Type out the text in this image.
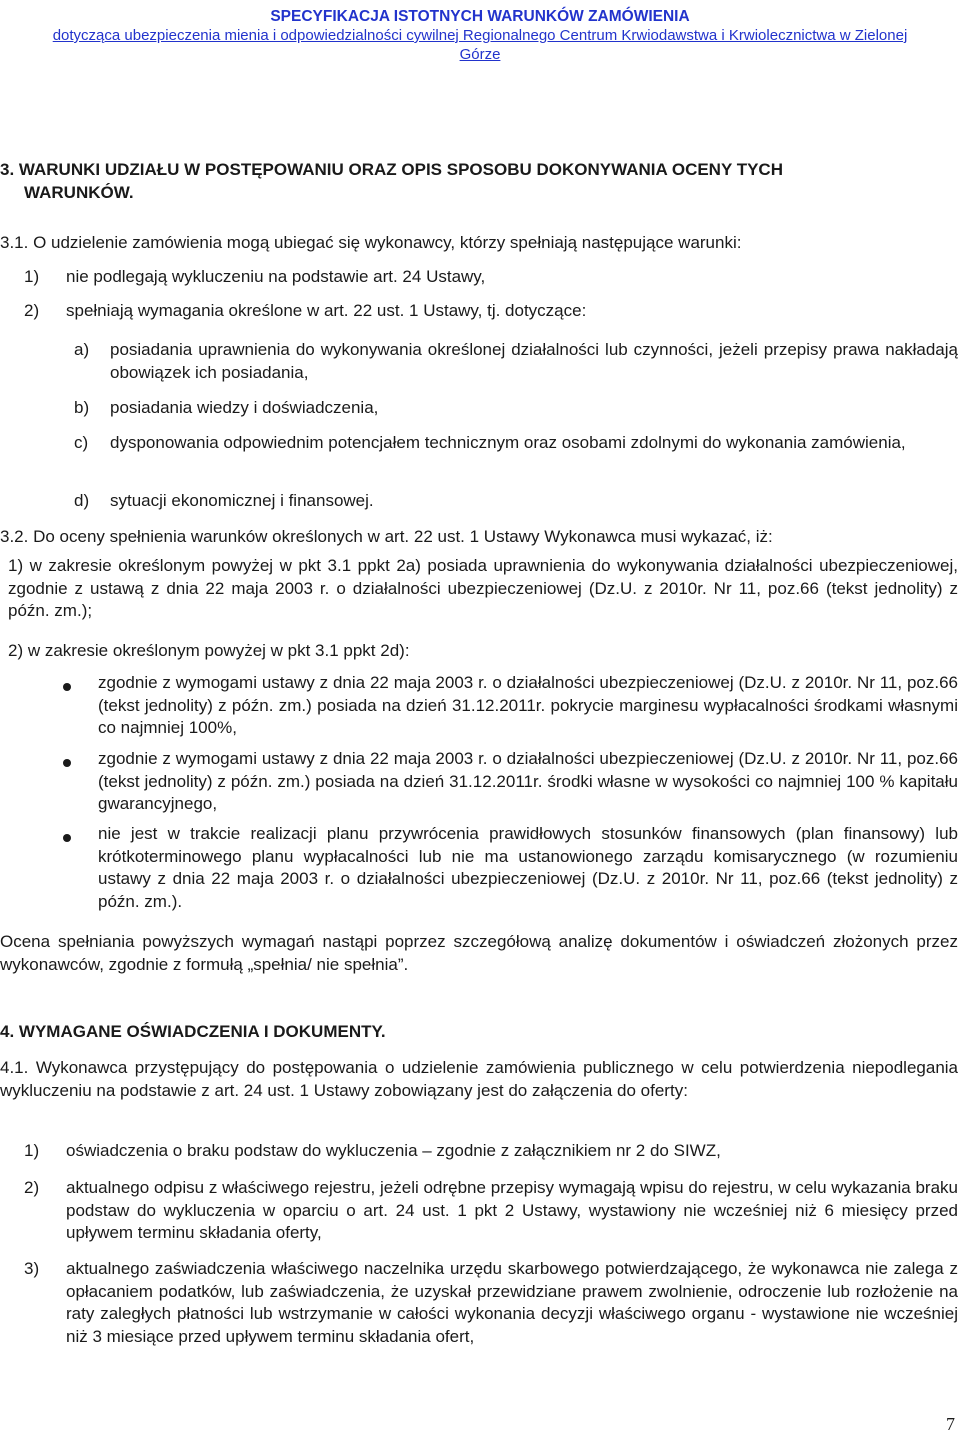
SPECYFIKACJA ISTOTNYCH WARUNKÓW ZAMÓWIENIA
dotycząca ubezpieczenia mienia i odpowiedzialności cywilnej Regionalnego Centrum Krwiodawstwa i Krwiolecznictwa w Zielonej
Górze
3. WARUNKI UDZIAŁU W POSTĘPOWANIU ORAZ OPIS SPOSOBU DOKONYWANIA OCENY TYCH
WARUNKÓW.
3.1. O udzielenie zamówienia mogą ubiegać się wykonawcy, którzy spełniają następujące warunki:
1) nie podlegają wykluczeniu na podstawie art. 24 Ustawy,
2) spełniają wymagania określone w art. 22 ust. 1 Ustawy, tj. dotyczące:
a) posiadania uprawnienia do wykonywania określonej działalności lub czynności, jeżeli przepisy prawa nakładają obowiązek ich posiadania,
b) posiadania wiedzy i doświadczenia,
c) dysponowania odpowiednim potencjałem technicznym oraz osobami zdolnymi do wykonania zamówienia,
d) sytuacji ekonomicznej i finansowej.
3.2. Do oceny spełnienia warunków określonych w art. 22 ust. 1 Ustawy Wykonawca musi wykazać, iż:
1) w zakresie określonym powyżej w pkt 3.1 ppkt 2a) posiada uprawnienia do wykonywania działalności ubezpieczeniowej, zgodnie z ustawą z dnia 22 maja 2003 r. o działalności ubezpieczeniowej (Dz.U. z 2010r. Nr 11, poz.66 (tekst jednolity) z późn. zm.);
2) w zakresie określonym powyżej w pkt 3.1 ppkt 2d):
zgodnie z wymogami ustawy z dnia 22 maja 2003 r. o działalności ubezpieczeniowej (Dz.U. z 2010r. Nr 11, poz.66 (tekst jednolity) z późn. zm.) posiada na dzień 31.12.2011r. pokrycie marginesu wypłacalności środkami własnymi co najmniej 100%,
zgodnie z wymogami ustawy z dnia 22 maja 2003 r. o działalności ubezpieczeniowej (Dz.U. z 2010r. Nr 11, poz.66 (tekst jednolity) z późn. zm.) posiada na dzień 31.12.2011r. środki własne w wysokości co najmniej 100 % kapitału gwarancyjnego,
nie jest w trakcie realizacji planu przywrócenia prawidłowych stosunków finansowych (plan finansowy) lub krótkoterminowego planu wypłacalności lub nie ma ustanowionego zarządu komisarycznego (w rozumieniu ustawy z dnia 22 maja 2003 r. o działalności ubezpieczeniowej (Dz.U. z 2010r. Nr 11, poz.66 (tekst jednolity) z późn. zm.).
Ocena spełniania powyższych wymagań nastąpi poprzez szczegółową analizę dokumentów i oświadczeń złożonych przez wykonawców, zgodnie z formułą „spełnia/ nie spełnia”.
4. WYMAGANE OŚWIADCZENIA I DOKUMENTY.
4.1. Wykonawca przystępujący do postępowania o udzielenie zamówienia publicznego w celu potwierdzenia niepodlegania wykluczeniu na podstawie z art. 24 ust. 1 Ustawy zobowiązany jest do załączenia do oferty:
1) oświadczenia o braku podstaw do wykluczenia – zgodnie z załącznikiem nr 2 do SIWZ,
2) aktualnego odpisu z właściwego rejestru, jeżeli odrębne przepisy wymagają wpisu do rejestru, w celu wykazania braku podstaw do wykluczenia w oparciu o art. 24 ust. 1 pkt 2 Ustawy, wystawiony nie wcześniej niż 6 miesięcy przed upływem terminu składania oferty,
3) aktualnego zaświadczenia właściwego naczelnika urzędu skarbowego potwierdzającego, że wykonawca nie zalega z opłacaniem podatków, lub zaświadczenia, że uzyskał przewidziane prawem zwolnienie, odroczenie lub rozłożenie na raty zaległych płatności lub wstrzymanie w całości wykonania decyzji właściwego organu - wystawione nie wcześniej niż 3 miesiące przed upływem terminu składania ofert,
7
